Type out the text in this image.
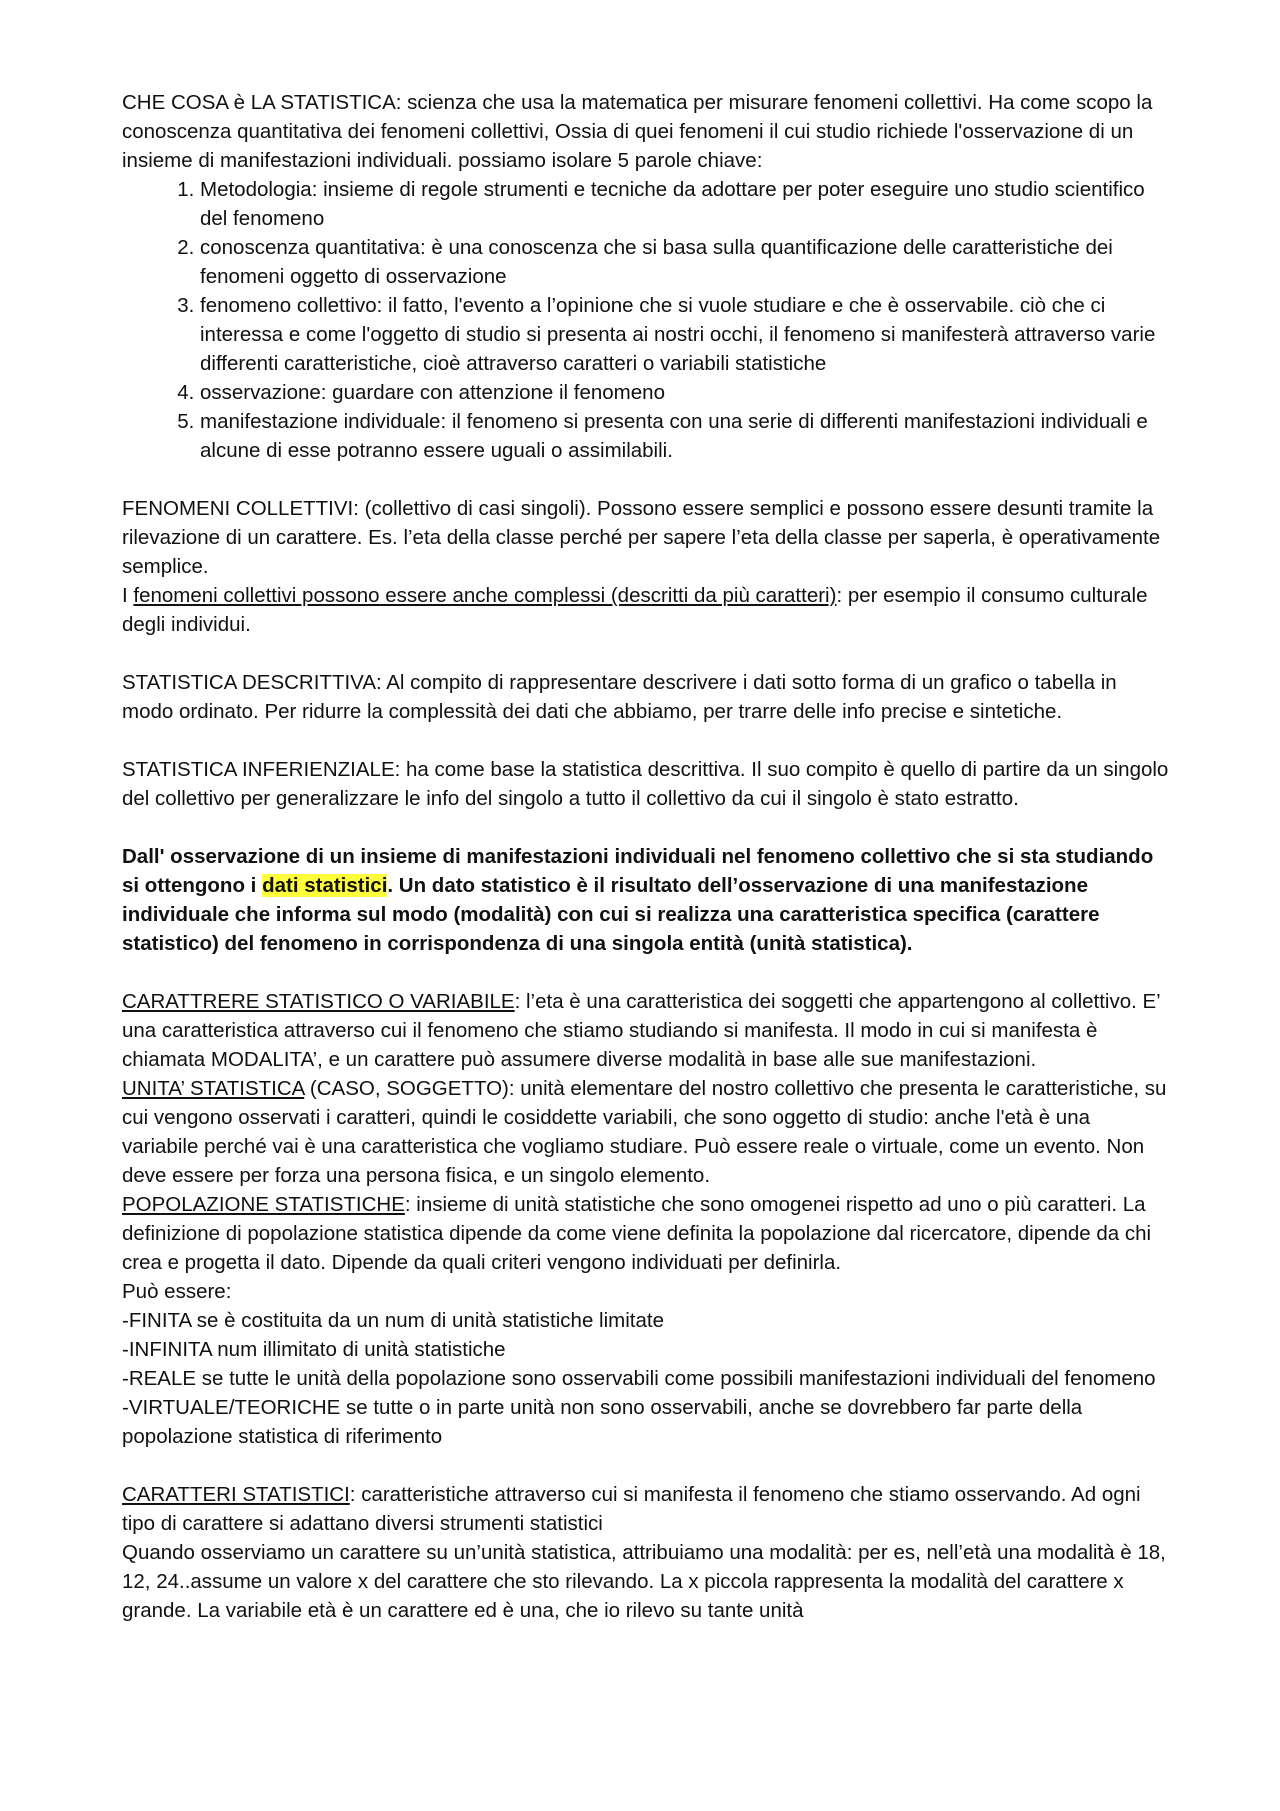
CHE COSA è LA STATISTICA: scienza che usa la matematica per misurare fenomeni collettivi. Ha come scopo la conoscenza quantitativa dei fenomeni collettivi, Ossia di quei fenomeni il cui studio richiede l'osservazione di un insieme di manifestazioni individuali. possiamo isolare 5 parole chiave:

1. Metodologia: insieme di regole strumenti e tecniche da adottare per poter eseguire uno studio scientifico del fenomeno
2. conoscenza quantitativa: è una conoscenza che si basa sulla quantificazione delle caratteristiche dei fenomeni oggetto di osservazione
3. fenomeno collettivo: il fatto, l'evento a l’opinione che si vuole studiare e che è osservabile. ciò che ci interessa e come l'oggetto di studio si presenta ai nostri occhi, il fenomeno si manifesterà attraverso varie differenti caratteristiche, cioè attraverso caratteri o variabili statistiche
4. osservazione: guardare con attenzione il fenomeno
5. manifestazione individuale: il fenomeno si presenta con una serie di differenti manifestazioni individuali e alcune di esse potranno essere uguali o assimilabili.

FENOMENI COLLETTIVI: (collettivo di casi singoli). Possono essere semplici e possono essere desunti tramite la rilevazione di un carattere. Es. l’eta della classe perché per sapere l’eta della classe per saperla, è operativamente semplice.

I fenomeni collettivi possono essere anche complessi (descritti da più caratteri): per esempio il consumo culturale degli individui.

STATISTICA DESCRITTIVA: Al compito di rappresentare descrivere i dati sotto forma di un grafico o tabella in modo ordinato. Per ridurre la complessità dei dati che abbiamo, per trarre delle info precise e sintetiche.

STATISTICA INFERIENZIALE: ha come base la statistica descrittiva. Il suo compito è quello di partire da un singolo del collettivo per generalizzare le info del singolo a tutto il collettivo da cui il singolo è stato estratto.

Dall' osservazione di un insieme di manifestazioni individuali nel fenomeno collettivo che si sta studiando si ottengono i dati statistici. Un dato statistico è il risultato dell’osservazione di una manifestazione individuale che informa sul modo (modalità) con cui si realizza una caratteristica specifica (carattere statistico) del fenomeno in corrispondenza di una singola entità (unità statistica).

CARATTRERE STATISTICO O VARIABILE: l’eta è una caratteristica dei soggetti che appartengono al collettivo. E’ una caratteristica attraverso cui il fenomeno che stiamo studiando si manifesta. Il modo in cui si manifesta è chiamata MODALITA’, e un carattere può assumere diverse modalità in base alle sue manifestazioni.

UNITA’ STATISTICA (CASO, SOGGETTO): unità elementare del nostro collettivo che presenta le caratteristiche, su cui vengono osservati i caratteri, quindi le cosiddette variabili, che sono oggetto di studio: anche l'età è una variabile perché vai è una caratteristica che vogliamo studiare. Può essere reale o virtuale, come un evento. Non deve essere per forza una persona fisica, e un singolo elemento.

POPOLAZIONE STATISTICHE: insieme di unità statistiche che sono omogenei rispetto ad uno o più caratteri. La definizione di popolazione statistica dipende da come viene definita la popolazione dal ricercatore, dipende da chi crea e progetta il dato. Dipende da quali criteri vengono individuati per definirla.

Può essere:

-FINITA se è costituita da un num di unità statistiche limitate

-INFINITA num illimitato di unità statistiche

-REALE se tutte le unità della popolazione sono osservabili come possibili manifestazioni individuali del fenomeno

-VIRTUALE/TEORICHE se tutte o in parte unità non sono osservabili, anche se dovrebbero far parte della popolazione statistica di riferimento

CARATTERI STATISTICI: caratteristiche attraverso cui si manifesta il fenomeno che stiamo osservando. Ad ogni tipo di carattere si adattano diversi strumenti statistici

Quando osserviamo un carattere su un’unità statistica, attribuiamo una modalità: per es, nell’età una modalità è 18, 12, 24..assume un valore x del carattere che sto rilevando. La x piccola rappresenta la modalità del carattere x grande. La variabile età è un carattere ed è una, che io rilevo su tante unità
